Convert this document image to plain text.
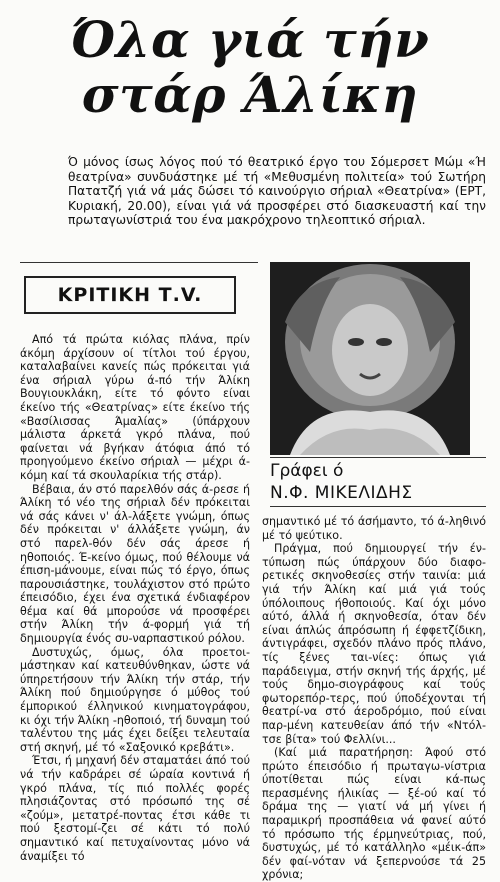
Όλα γιά τήν
στάρ Άλίκη
Ό μόνος ίσως λόγος πού τό θεατρικό έργο του Σόμερσετ Μώμ «Ή θεατρίνα» συνδυάστηκε μέ τή «Μεθυσμένη πολιτεία» τού Σωτήρη Πατατζή γιά νά μάς δώσει τό καινούργιο σήριαλ «Θεατρίνα» (ΕΡΤ, Κυριακή, 20.00), είναι γιά νά προσφέρει στό διασκευαστή καί την πρωταγωνίστριά του ένα μακρόχρονο τηλεοπτικό σήριαλ.
ΚΡΙΤΙΚΗ Τ.V.
Γράφει ό
Ν.Φ. ΜΙΚΕΛΙΔΗΣ

Από τά πρώτα κιόλας πλάνα, πρίν άκόμη άρχίσουν οί τίτλοι τού έργου, καταλαβαίνει κανείς πώς πρόκειται γιά ένα σήριαλ γύρω ά-πό τήν Άλίκη Βουγιουκλάκη, είτε τό φόντο είναι έκείνο τής «Θεατρίνας» είτε έκείνο τής «Βασίλισσας Άμαλίας» (ύπάρχουν μάλιστα άρκετά γκρό πλάνα, πού φαίνεται νά βγήκαν άτόφια άπό τό προηγούμενο έκείνο σήριαλ — μέχρι ά-κόμη καί τά σκουλαρίκια τής στάρ).

Βέβαια, άν στό παρελθόν σάς ά-ρεσε ή Άλίκη τό νέο της σήριαλ δέν πρόκειται νά σάς κάνει ν' άλ-λάξετε γνώμη, όπως δέν πρόκειται ν' άλλάξετε γνώμη, άν στό παρελ-θόν δέν σάς άρεσε ή ηθοποιός. Έ-κείνο όμως, πού θέλουμε νά έπιση-μάνουμε, είναι πώς τό έργο, όπως παρουσιάστηκε, τουλάχιστον στό πρώτο έπεισόδιο, έχει ένα σχετικά ένδιαφέρον θέμα καί θά μπορούσε νά προσφέρει στήν Άλίκη τήν ά-φορμή γιά τή δημιουργία ένός συ-ναρπαστικού ρόλου.

Δυστυχώς, όμως, όλα προετοι-μάστηκαν καί κατευθύνθηκαν, ώστε νά ύπηρετήσουν τήν Άλίκη τήν στάρ, τήν Άλίκη πού δημιούργησε ό μύθος τού έμπορικού έλληνικού κινηματογράφου, κι όχι τήν Άλίκη -ηθοποιό, τή δυναμη τού ταλέντου της μάς έχει δείξει τελευταία στή σκηνή, μέ τό «Σαξονικό κρεβάτι».

Έτσι, ή μηχανή δέν σταματάει άπό τού νά τήν καδράρει σέ ώραία κοντινά ή γκρό πλάνα, τίς πιό πολλές φορές πλησιάζοντας στό πρόσωπό της σέ «ζούμ», μετατρέ-ποντας έτσι κάθε τι πού ξεστομί-ζει σέ κάτι τό πολύ σημαντικό καί πετυχαίνοντας μόνο νά άναμίξει τό

σημαντικό μέ τό άσήμαντο, τό ά-ληθινό μέ τό ψεύτικο.

Πράγμα, πού δημιουργεί τήν έν-τύπωση πώς ύπάρχουν δύο διαφο-ρετικές σκηνοθεσίες στήν ταινία: μιά γιά τήν Άλίκη καί μιά γιά τούς ύπόλοιπους ήθοποιούς. Καί όχι μόνο αύτό, άλλά ή σκηνοθεσία, όταν δέν είναι άπλώς άπρόσωπη ή έφφετζίδικη, άντιγράφει, σχεδόν πλάνο πρός πλάνο, τίς ξένες ται-νίες: όπως γιά παράδειγμα, στήν σκηνή τής άρχής, μέ τούς δημο-σιογράφους καί τούς φωτορεπόρ-τερς, πού ύποδέχονται τή θεατρί-να στό άεροδρόμιο, πού είναι παρ-μένη κατευθείαν άπό τήν «Ντόλ-τσε βίτα» τού Φελλίνι...

(Καί μιά παρατήρηση: Άφού στό πρώτο έπεισόδιο ή πρωταγω-νίστρια ύποτίθεται πώς είναι κά-πως περασμένης ήλικίας — ξέ-ού καί τό δράμα της — γιατί νά μή γίνει ή παραμικρή προσπάθεια νά φανεί αύτό τό πρόσωπο τής έρμηνεύτριας, πού, δυστυχώς, μέ τό κατάλληλο «μέικ-άπ» δέν φαί-νόταν νά ξεπερνούσε τά 25 χρόνια;
